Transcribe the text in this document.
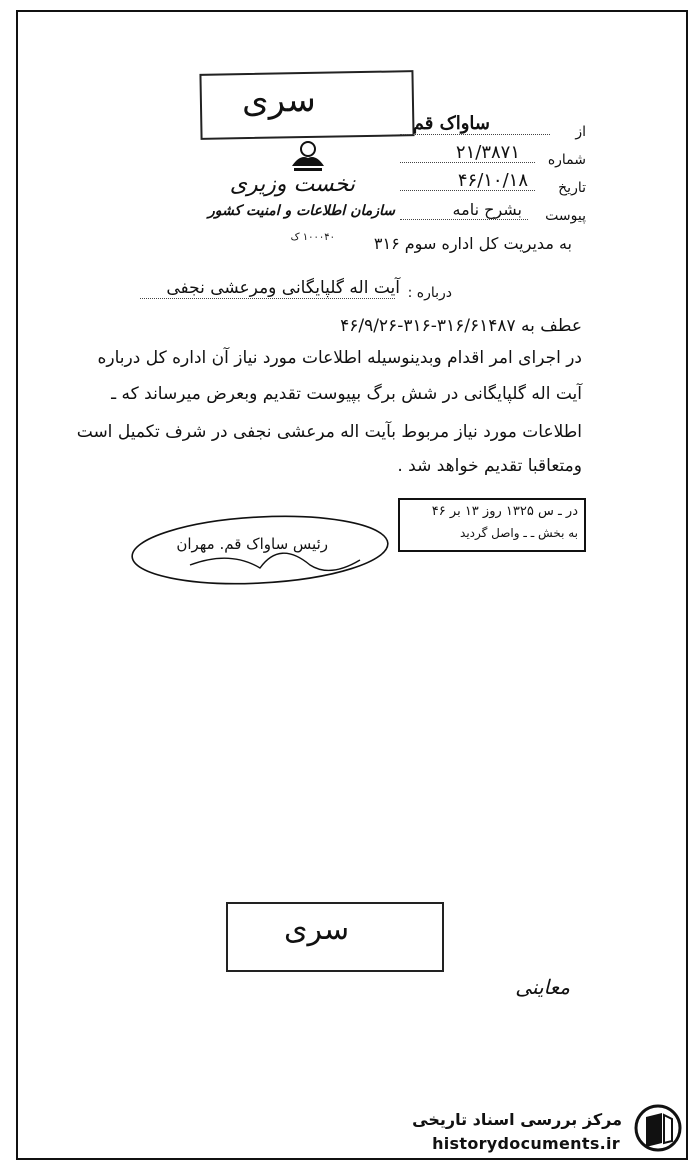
سری
نخست وزیری
سازمان اطلاعات و امنیت کشور
۱۰۰۰۴۰ ک
از
ساواک قم
شماره
۲۱/۳۸۷۱
تاریخ
۴۶/۱۰/۱۸
پیوست
بشرح نامه
به مدیریت کل اداره سوم ۳۱۶
درباره :
آیت اله گلپایگانی ومرعشی نجفی
عطف به ۳۱۶/۶۱۴۸۷-۳۱۶-۴۶/۹/۲۶
در اجرای امر اقدام وبدینوسیله اطلاعات مورد نیاز آن اداره کل درباره
آیت اله گلپایگانی در شش برگ بپیوست تقدیم وبعرض میرساند که ـ
اطلاعات مورد نیاز مربوط بآیت اله مرعشی نجفی در شرف تکمیل است
ومتعاقبا تقدیم خواهد شد .
در ـ س ۱۳۲۵ روز ۱۳ بر ۴۶
به بخش ـ ـ واصل گردید
رئیس ساواک قم. مهران
سری
معاینی
مرکز بررسی اسناد تاریخی
historydocuments.ir
